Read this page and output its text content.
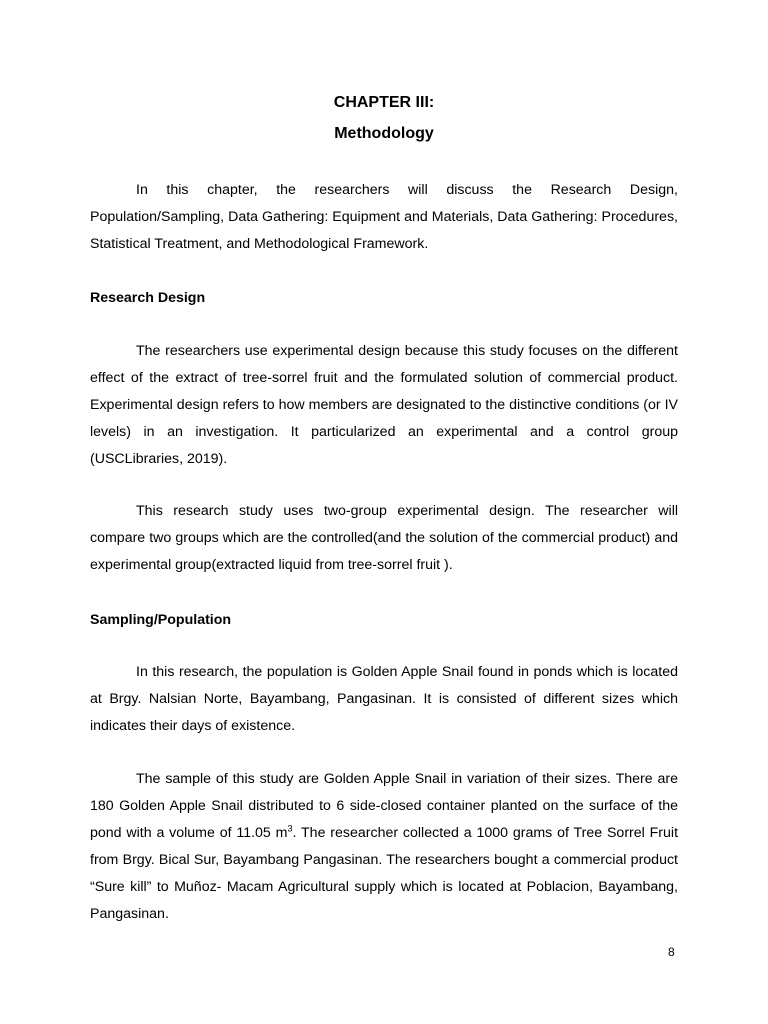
CHAPTER III:
Methodology

In this chapter, the researchers will discuss the Research Design, Population/Sampling, Data Gathering: Equipment and Materials, Data Gathering: Procedures, Statistical Treatment, and Methodological Framework.

Research Design

The researchers use experimental design because this study focuses on the different effect of the extract of tree-sorrel fruit and the formulated solution of commercial product. Experimental design refers to how members are designated to the distinctive conditions (or IV levels) in an investigation. It particularized an experimental and a control group (USCLibraries, 2019).

This research study uses two-group experimental design. The researcher will compare two groups which are the controlled(and the solution of the commercial product) and experimental group(extracted liquid from tree-sorrel fruit ).

Sampling/Population

In this research, the population is Golden Apple Snail found in ponds which is located at Brgy. Nalsian Norte, Bayambang, Pangasinan. It is consisted of different sizes which indicates their days of existence.

The sample of this study are Golden Apple Snail in variation of their sizes. There are 180 Golden Apple Snail distributed to 6 side-closed container planted on the surface of the pond with a volume of 11.05 $m^3$. The researcher collected a 1000 grams of Tree Sorrel Fruit from Brgy. Bical Sur, Bayambang Pangasinan. The researchers bought a commercial product “Sure kill” to Muñoz- Macam Agricultural supply which is located at Poblacion, Bayambang, Pangasinan.

8
